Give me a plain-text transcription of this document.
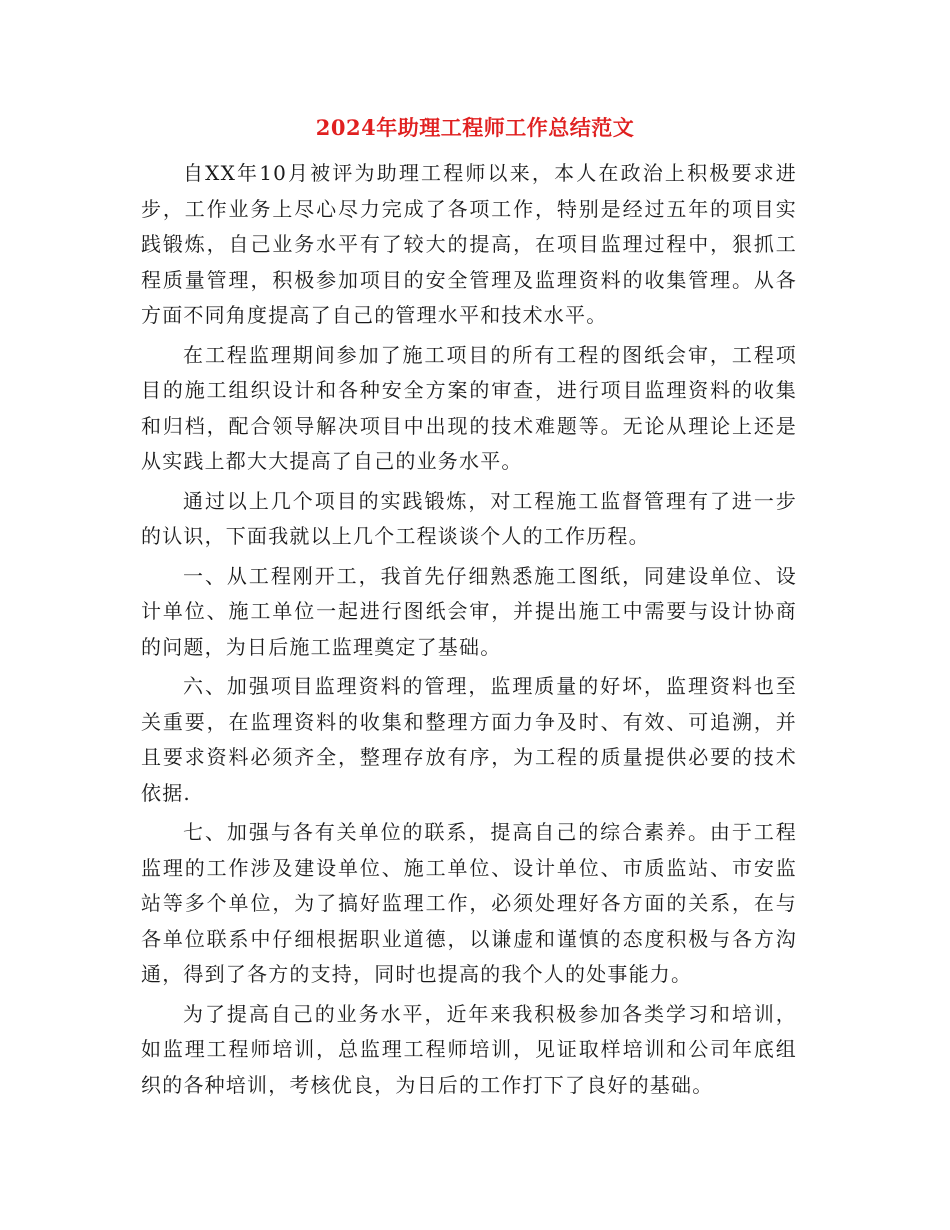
2024年助理工程师工作总结范文

自XX年10月被评为助理工程师以来，本人在政治上积极要求进步，工作业务上尽心尽力完成了各项工作，特别是经过五年的项目实践锻炼，自己业务水平有了较大的提高，在项目监理过程中，狠抓工程质量管理，积极参加项目的安全管理及监理资料的收集管理。从各方面不同角度提高了自己的管理水平和技术水平。

在工程监理期间参加了施工项目的所有工程的图纸会审，工程项目的施工组织设计和各种安全方案的审查，进行项目监理资料的收集和归档，配合领导解决项目中出现的技术难题等。无论从理论上还是从实践上都大大提高了自己的业务水平。

通过以上几个项目的实践锻炼，对工程施工监督管理有了进一步的认识，下面我就以上几个工程谈谈个人的工作历程。

一、从工程刚开工，我首先仔细熟悉施工图纸，同建设单位、设计单位、施工单位一起进行图纸会审，并提出施工中需要与设计协商的问题，为日后施工监理奠定了基础。

六、加强项目监理资料的管理，监理质量的好坏，监理资料也至关重要，在监理资料的收集和整理方面力争及时、有效、可追溯，并且要求资料必须齐全，整理存放有序，为工程的质量提供必要的技术依据.

七、加强与各有关单位的联系，提高自己的综合素养。由于工程监理的工作涉及建设单位、施工单位、设计单位、市质监站、市安监站等多个单位，为了搞好监理工作，必须处理好各方面的关系，在与各单位联系中仔细根据职业道德，以谦虚和谨慎的态度积极与各方沟通，得到了各方的支持，同时也提高的我个人的处事能力。

为了提高自己的业务水平，近年来我积极参加各类学习和培训，如监理工程师培训，总监理工程师培训，见证取样培训和公司年底组织的各种培训，考核优良，为日后的工作打下了良好的基础。
